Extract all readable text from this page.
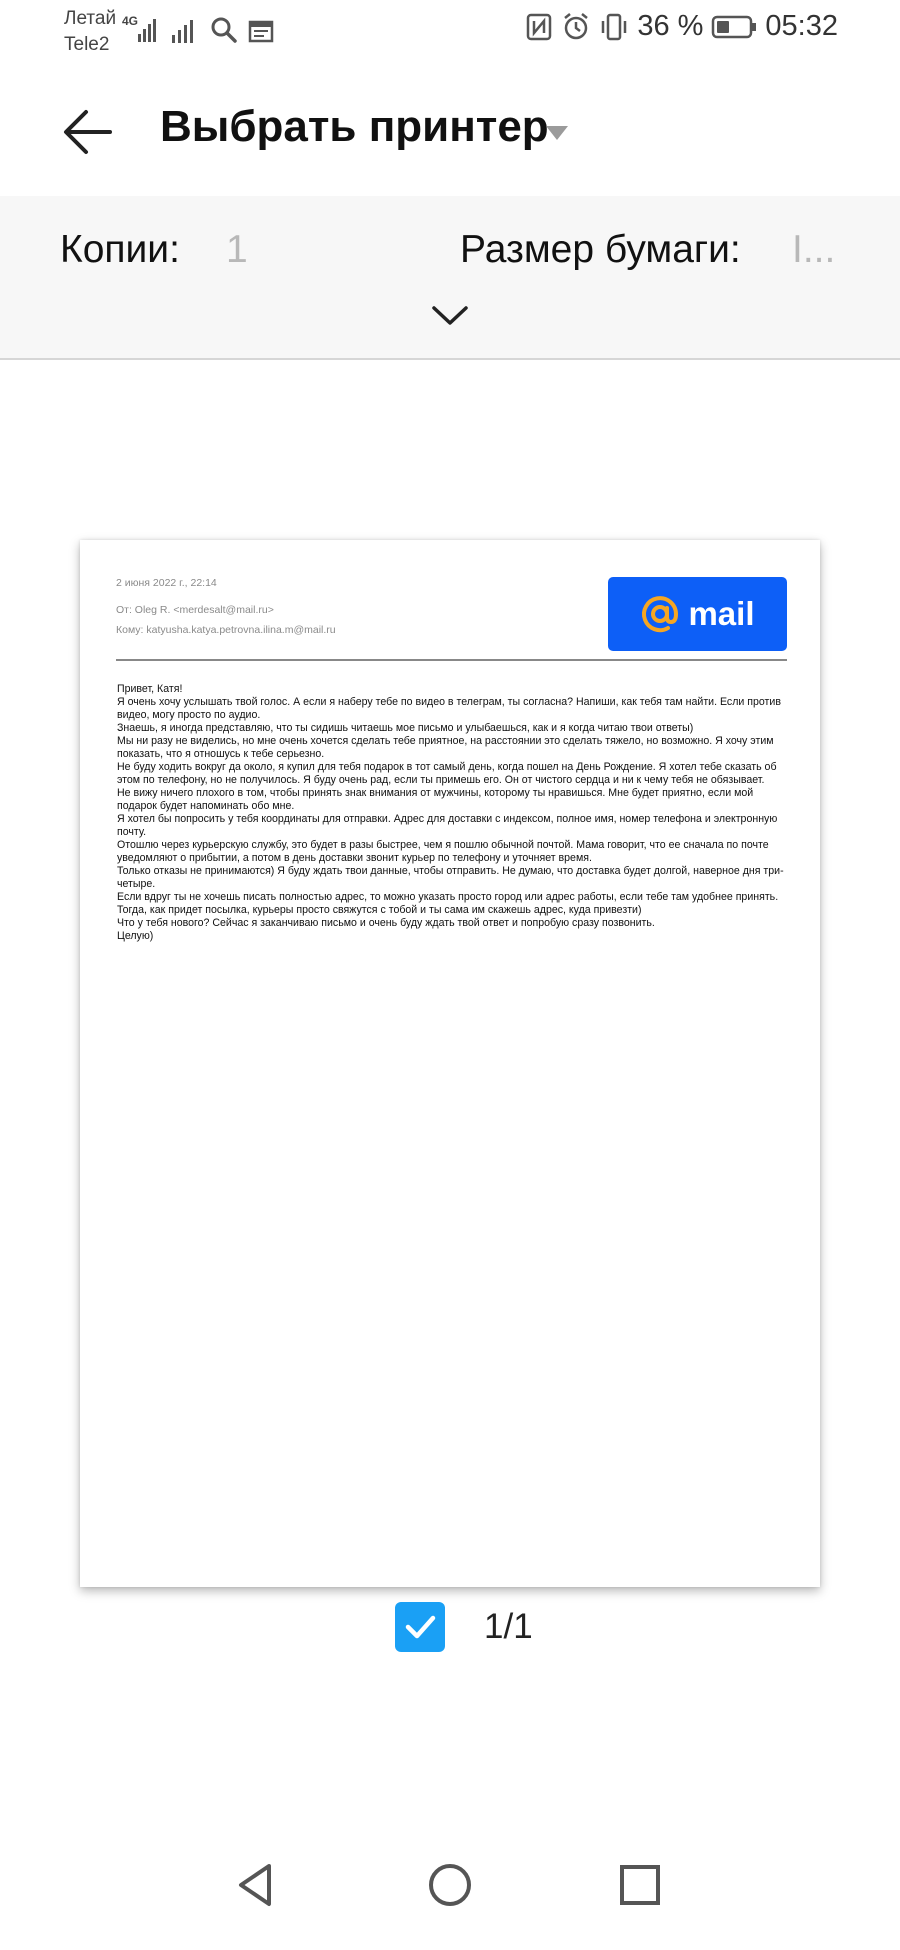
Летай
Tele2
4G	36 % 05:32
Выбрать принтер
Копии: 1	Размер бумаги: I...
2 июня 2022 г., 22:14
От: Oleg R. <merdesalt@mail.ru>
Кому: katyusha.katya.petrovna.ilina.m@mail.ru	mail

Привет, Катя!

Я очень хочу услышать твой голос. А если я наберу тебе по видео в телеграм, ты согласна? Напиши, как тебя там найти. Если против видео, могу просто по аудио.

Знаешь, я иногда представляю, что ты сидишь читаешь мое письмо и улыбаешься, как и я когда читаю твои ответы)

Мы ни разу не виделись, но мне очень хочется сделать тебе приятное, на расстоянии это сделать тяжело, но возможно. Я хочу этим показать, что я отношусь к тебе серьезно.

Не буду ходить вокруг да около, я купил для тебя подарок в тот самый день, когда пошел на День Рождение. Я хотел тебе сказать об этом по телефону, но не получилось. Я буду очень рад, если ты примешь его. Он от чистого сердца и ни к чему тебя не обязывает.

Не вижу ничего плохого в том, чтобы принять знак внимания от мужчины, которому ты нравишься. Мне будет приятно, если мой подарок будет напоминать обо мне.

Я хотел бы попросить у тебя координаты для отправки. Адрес для доставки с индексом, полное имя, номер телефона и электронную почту.

Отошлю через курьерскую службу, это будет в разы быстрее, чем я пошлю обычной почтой. Мама говорит, что ее сначала по почте уведомляют о прибытии, а потом в день доставки звонит курьер по телефону и уточняет время.

Только отказы не принимаются) Я буду ждать твои данные, чтобы отправить. Не думаю, что доставка будет долгой, наверное дня три-четыре.

Если вдруг ты не хочешь писать полностью адрес, то можно указать просто город или адрес работы, если тебе там удобнее принять.

Тогда, как придет посылка, курьеры просто свяжутся с тобой и ты сама им скажешь адрес, куда привезти)

Что у тебя нового? Сейчас я заканчиваю письмо и очень буду ждать твой ответ и попробую сразу позвонить.

Целую)

1/1
